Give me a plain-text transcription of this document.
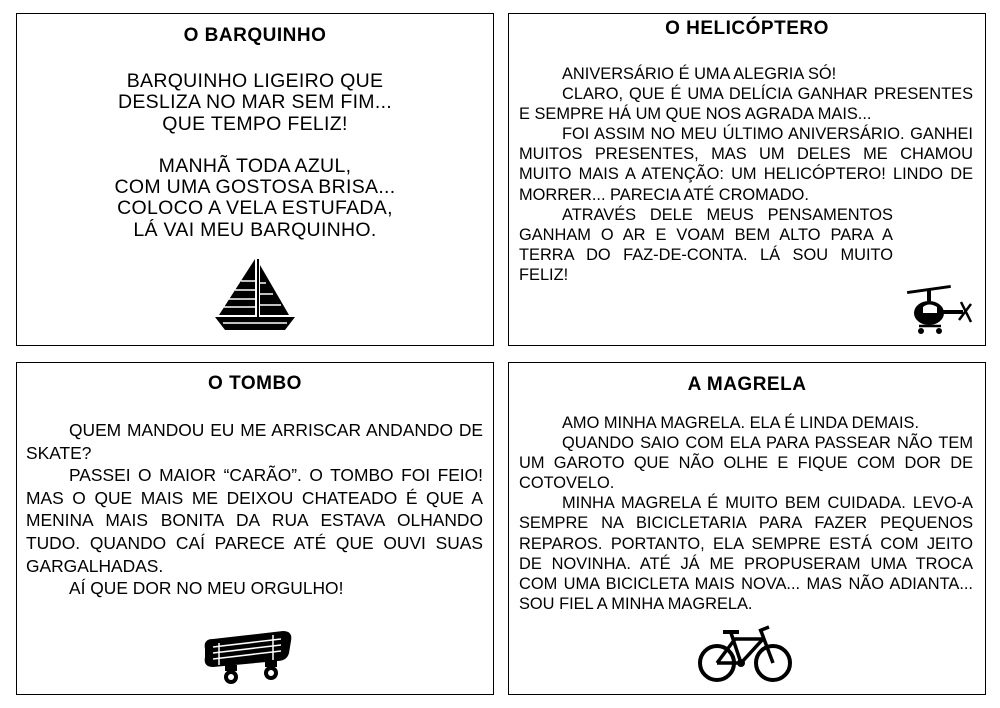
O BARQUINHO
BARQUINHO LIGEIRO QUE
DESLIZA NO MAR SEM FIM...
QUE TEMPO FELIZ!
MANHÃ TODA AZUL,
COM UMA GOSTOSA BRISA...
COLOCO A VELA ESTUFADA,
LÁ VAI MEU BARQUINHO.
O HELICÓPTERO

ANIVERSÁRIO É UMA ALEGRIA SÓ!

CLARO, QUE É UMA DELÍCIA GANHAR PRESENTES E SEMPRE HÁ UM QUE NOS AGRADA MAIS...

FOI ASSIM NO MEU ÚLTIMO ANIVERSÁRIO. GANHEI MUITOS PRESENTES, MAS UM DELES ME CHAMOU MUITO MAIS A ATENÇÃO: UM HELICÓPTERO! LINDO DE MORRER... PARECIA ATÉ CROMADO.

ATRAVÉS DELE MEUS PENSAMENTOS GANHAM O AR E VOAM BEM ALTO PARA A TERRA DO FAZ-DE-CONTA. LÁ SOU MUITO FELIZ!

O TOMBO

QUEM MANDOU EU ME ARRISCAR ANDANDO DE SKATE?

PASSEI O MAIOR “CARÃO”. O TOMBO FOI FEIO! MAS O QUE MAIS ME DEIXOU CHATEADO É QUE A MENINA MAIS BONITA DA RUA ESTAVA OLHANDO TUDO. QUANDO CAÍ PARECE ATÉ QUE OUVI SUAS GARGALHADAS.

AÍ QUE DOR NO MEU ORGULHO!

A MAGRELA

AMO MINHA MAGRELA. ELA É LINDA DEMAIS.

QUANDO SAIO COM ELA PARA PASSEAR NÃO TEM UM GAROTO QUE NÃO OLHE E FIQUE COM DOR DE COTOVELO.

MINHA MAGRELA É MUITO BEM CUIDADA. LEVO-A SEMPRE NA BICICLETARIA PARA FAZER PEQUENOS REPAROS. PORTANTO, ELA SEMPRE ESTÁ COM JEITO DE NOVINHA. ATÉ JÁ ME PROPUSERAM UMA TROCA COM UMA BICICLETA MAIS NOVA... MAS NÃO ADIANTA... SOU FIEL A MINHA MAGRELA.
